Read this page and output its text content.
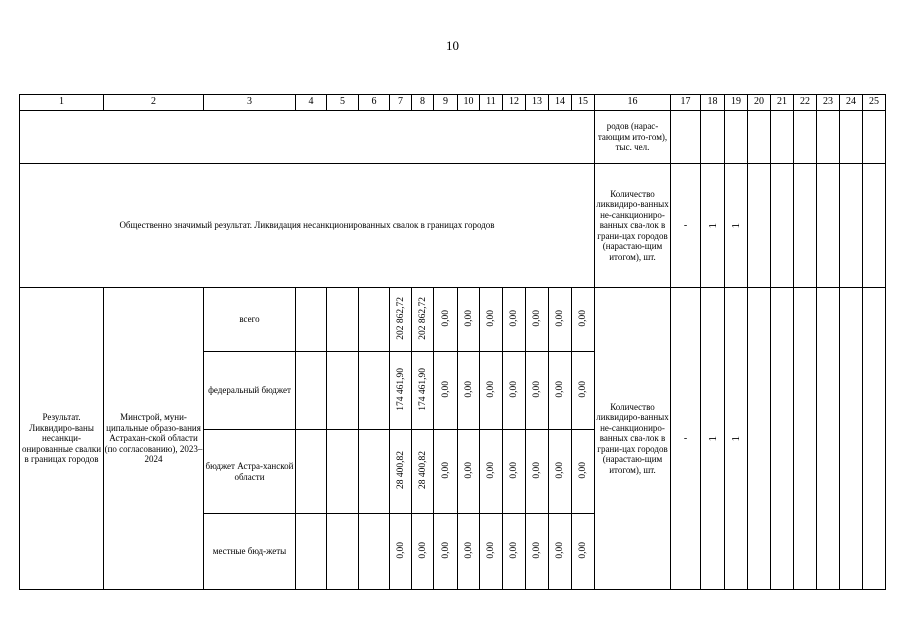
10
1	2	3	4	5	6	7	8	9	10	11	12	13	14	15	16	17	18	19	20	21	22	23	24	25
															родов (нарас-тающим ито-гом), тыс. чел.									
Общественно значимый результат. Ликвидация несанкционированных свалок в границах городов															Количество ликвидиро-ванных не-санкциониро-ванных сва-лок в грани-цах городов (нарастаю-щим итогом), шт.	-	1	1						
Результат. Ликвидиро-ваны несанкци-онированные свалки в границах городов	Минстрой, муни-ципальные образо-вания Астрахан-ской области (по согласованию), 2023–2024	всего				202 862,72	202 862,72	0,00	0,00	0,00	0,00	0,00	0,00	0,00	Количество ликвидиро-ванных не-санкциониро-ванных сва-лок в грани-цах городов (нарастаю-щим итогом), шт.	-	1	1						
		федеральный бюджет				174 461,90	174 461,90	0,00	0,00	0,00	0,00	0,00	0,00	0,00										
		бюджет Астра-ханской области				28 400,82	28 400,82	0,00	0,00	0,00	0,00	0,00	0,00	0,00										
		местные бюд-жеты				0,00	0,00	0,00	0,00	0,00	0,00	0,00	0,00	0,00										
